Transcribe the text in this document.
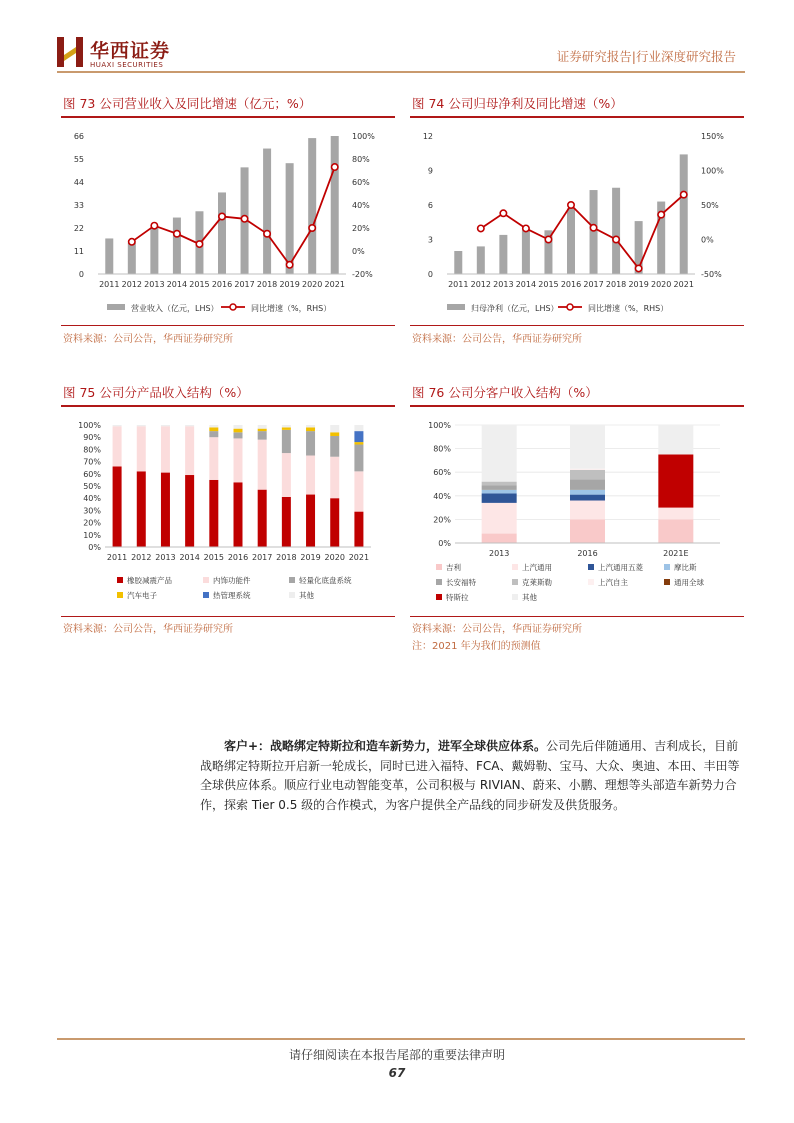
华西证券
HUAXI SECURITIES
证券研究报告|行业深度研究报告
图 73 公司营业收入及同比增速（亿元；%）
0
11
22
33
44
55
66
-20%
0%
20%
40%
60%
80%
100%
2011 2012 2013 2014 2015 2016 2017 2018 2019 2020 2021
营业收入（亿元，LHS）	同比增速（%，RHS）
资料来源：公司公告，华西证券研究所
图 74 公司归母净利及同比增速（%）
0
3
6
9
12
-50%
0%
50%
100%
150%
2011 2012 2013 2014 2015 2016 2017 2018 2019 2020 2021
归母净利（亿元，LHS）	同比增速（%，RHS）
资料来源：公司公告，华西证券研究所
图 75 公司分产品收入结构（%）
0%
10%
20%
30%
40%
50%
60%
70%
80%
90%
100%
2011 2012 2013 2014 2015 2016 2017 2018 2019 2020 2021
橡胶减震产品	内饰功能件	轻量化底盘系统
汽车电子	热管理系统	其他
资料来源：公司公告，华西证券研究所
图 76 公司分客户收入结构（%）
0%
20%
40%
60%
80%
100%
2013	2016	2021E
吉利	上汽通用	上汽通用五菱	摩比斯
长安福特	克莱斯勒	上汽自主	通用全球
特斯拉	其他
资料来源：公司公告，华西证券研究所
注：2021 年为我们的预测值
客户+：战略绑定特斯拉和造车新势力，进军全球供应体系。公司先后伴随通用、吉利成长，目前战略绑定特斯拉开启新一轮成长，同时已进入福特、FCA、戴姆勒、宝马、大众、奥迪、本田、丰田等全球供应体系。顺应行业电动智能变革，公司积极与 RIVIAN、蔚来、小鹏、理想等头部造车新势力合作，探索 Tier 0.5 级的合作模式，为客户提供全产品线的同步研发及供货服务。
请仔细阅读在本报告尾部的重要法律声明
67
